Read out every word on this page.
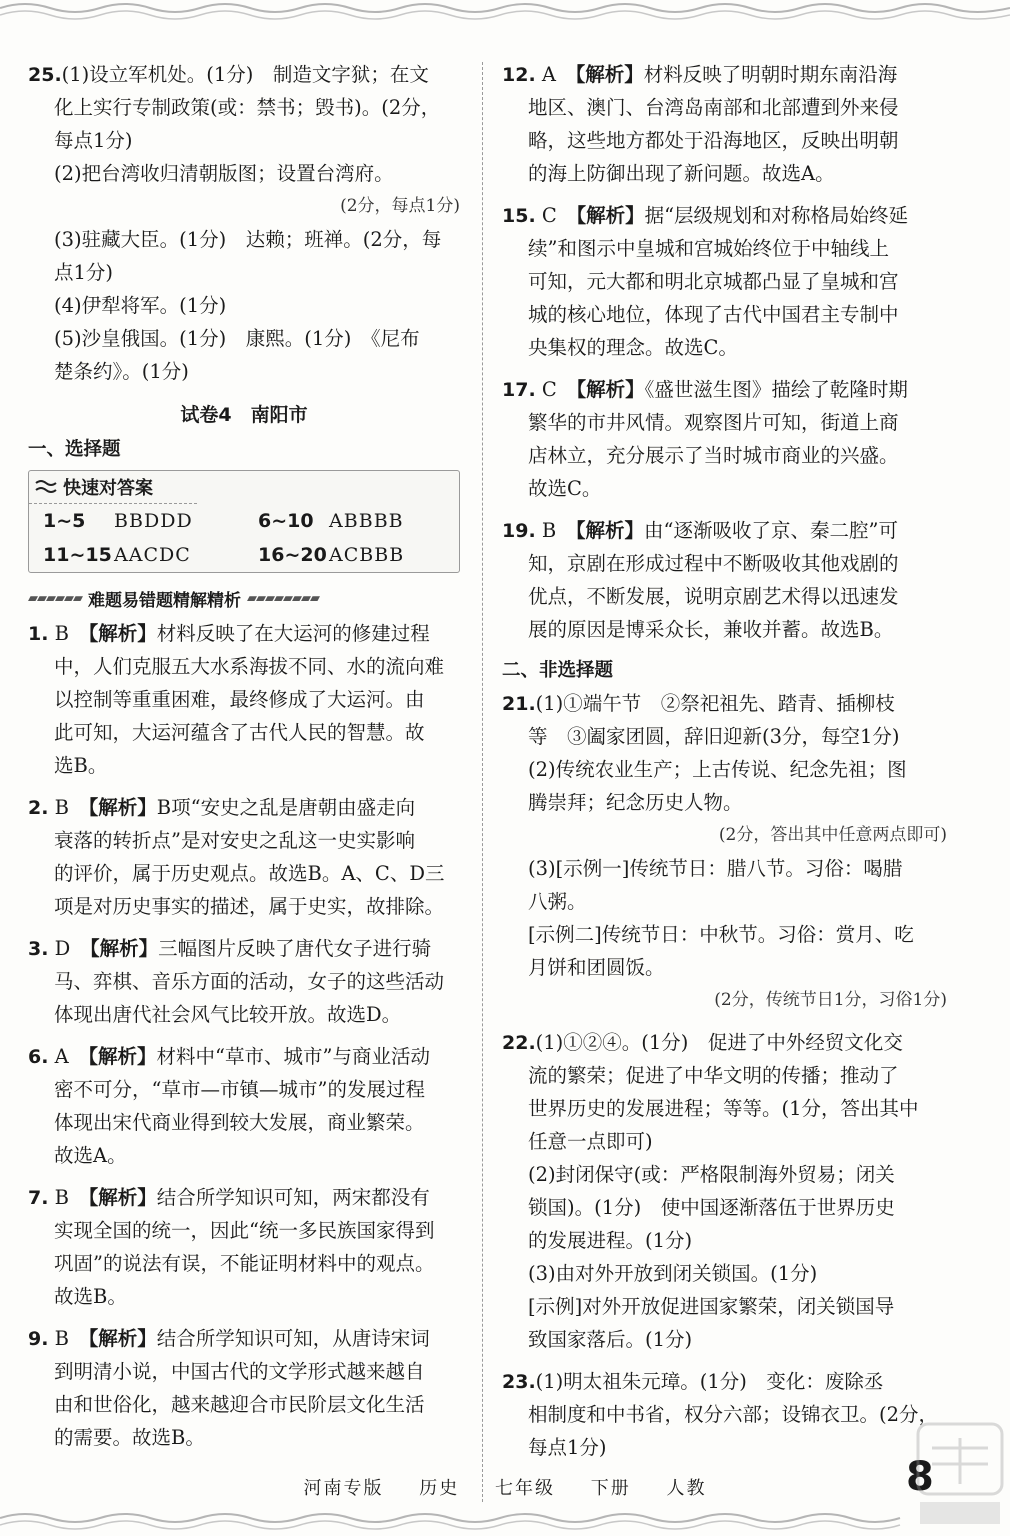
25.(1)设立军机处。(1分)　制造文字狱；在文
化上实行专制政策(或：禁书；毁书)。(2分，
每点1分)
(2)把台湾收归清朝版图；设置台湾府。
(2分，每点1分)
(3)驻藏大臣。(1分)　达赖；班禅。(2分，每
点1分)
(4)伊犁将军。(1分)
(5)沙皇俄国。(1分)　康熙。(1分)　《尼布
楚条约》。(1分)
试卷4　南阳市
一、选择题
快速对答案
1~5	BBDDD	6~10 ABBBB
11~15 AACDC	16~20 ACBBB
▰▰▰▰▰▰ 难题易错题精解精析 ▰▰▰▰▰▰▰▰
1. B　 【解析】材料反映了在大运河的修建过程
中，人们克服五大水系海拔不同、水的流向难
以控制等重重困难，最终修成了大运河。由
此可知，大运河蕴含了古代人民的智慧。故
选B。
2. B　 【解析】B项“安史之乱是唐朝由盛走向
衰落的转折点”是对安史之乱这一史实影响
的评价，属于历史观点。故选B。A、C、D三
项是对历史事实的描述，属于史实，故排除。
3. D　 【解析】三幅图片反映了唐代女子进行骑
马、弈棋、音乐方面的活动，女子的这些活动
体现出唐代社会风气比较开放。故选D。
6. A　 【解析】材料中“草市、城市”与商业活动
密不可分，“草市—市镇—城市”的发展过程
体现出宋代商业得到较大发展，商业繁荣。
故选A。
7. B　 【解析】结合所学知识可知，两宋都没有
实现全国的统一，因此“统一多民族国家得到
巩固”的说法有误，不能证明材料中的观点。
故选B。
9. B　 【解析】结合所学知识可知，从唐诗宋词
到明清小说，中国古代的文学形式越来越自
由和世俗化，越来越迎合市民阶层文化生活
的需要。故选B。
12. A　 【解析】材料反映了明朝时期东南沿海
地区、澳门、台湾岛南部和北部遭到外来侵
略，这些地方都处于沿海地区，反映出明朝
的海上防御出现了新问题。故选A。
15. C　 【解析】据“层级规划和对称格局始终延
续”和图示中皇城和宫城始终位于中轴线上
可知，元大都和明北京城都凸显了皇城和宫
城的核心地位，体现了古代中国君主专制中
央集权的理念。故选C。
17. C　 【解析】《盛世滋生图》描绘了乾隆时期
繁华的市井风情。观察图片可知，街道上商
店林立，充分展示了当时城市商业的兴盛。
故选C。
19. B　 【解析】由“逐渐吸收了京、秦二腔”可
知，京剧在形成过程中不断吸收其他戏剧的
优点，不断发展，说明京剧艺术得以迅速发
展的原因是博采众长，兼收并蓄。故选B。
二、非选择题
21.(1)①端午节　②祭祀祖先、踏青、插柳枝
等　③阖家团圆，辞旧迎新(3分，每空1分)
(2)传统农业生产；上古传说、纪念先祖；图
腾崇拜；纪念历史人物。
(2分，答出其中任意两点即可)
(3)[示例一]传统节日：腊八节。习俗：喝腊
八粥。
[示例二]传统节日：中秋节。习俗：赏月、吃
月饼和团圆饭。
(2分，传统节日1分，习俗1分)
22.(1)①②④。(1分)　促进了中外经贸文化交
流的繁荣；促进了中华文明的传播；推动了
世界历史的发展进程；等等。(1分，答出其中
任意一点即可)
(2)封闭保守(或：严格限制海外贸易；闭关
锁国)。(1分)　使中国逐渐落伍于世界历史
的发展进程。(1分)
(3)由对外开放到闭关锁国。(1分)
[示例]对外开放促进国家繁荣，闭关锁国导
致国家落后。(1分)
23.(1)明太祖朱元璋。(1分)　变化：废除丞
相制度和中书省，权分六部；设锦衣卫。(2分，
每点1分)
河南专版 历史 七年级 下册 人教	8
